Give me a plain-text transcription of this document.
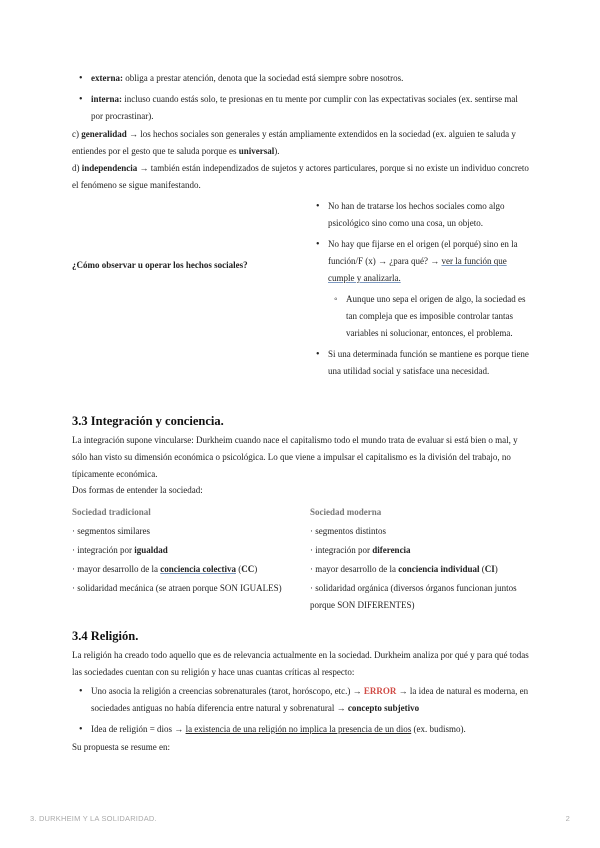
• externa: obliga a prestar atención, denota que la sociedad está siempre sobre nosotros.
• interna: incluso cuando estás solo, te presionas en tu mente por cumplir con las expectativas sociales (ex. sentirse mal por procrastinar).

c) generalidad → los hechos sociales son generales y están ampliamente extendidos en la sociedad (ex. alguien te saluda y entiendes por el gesto que te saluda porque es universal).

d) independencia → también están independizados de sujetos y actores particulares, porque si no existe un individuo concreto el fenómeno se sigue manifestando.

¿Cómo observar u operar los hechos sociales?

• No han de tratarse los hechos sociales como algo psicológico sino como una cosa, un objeto.
• No hay que fijarse en el origen (el porqué) sino en la función/F (x) → ¿para qué? → ver la función que cumple y analizarla.
◦ Aunque uno sepa el origen de algo, la sociedad es tan compleja que es imposible controlar tantas variables ni solucionar, entonces, el problema.
• Si una determinada función se mantiene es porque tiene una utilidad social y satisface una necesidad.
3.3 Integración y conciencia.

La integración supone vincularse: Durkheim cuando nace el capitalismo todo el mundo trata de evaluar si está bien o mal, y sólo han visto su dimensión económica o psicológica. Lo que viene a impulsar el capitalismo es la división del trabajo, no típicamente económica.

Dos formas de entender la sociedad:

Sociedad tradicional

· segmentos similares

· integración por igualdad

· mayor desarrollo de la conciencia colectiva (CC)

· solidaridad mecánica (se atraen porque SON IGUALES)

Sociedad moderna

· segmentos distintos

· integración por diferencia

· mayor desarrollo de la conciencia individual (CI)

· solidaridad orgánica (diversos órganos funcionan juntos porque SON DIFERENTES)

3.4 Religión.

La religión ha creado todo aquello que es de relevancia actualmente en la sociedad. Durkheim analiza por qué y para qué todas las sociedades cuentan con su religión y hace unas cuantas críticas al respecto:

• Uno asocia la religión a creencias sobrenaturales (tarot, horóscopo, etc.) → ERROR → la idea de natural es moderna, en sociedades antiguas no había diferencia entre natural y sobrenatural → concepto subjetivo
• Idea de religión = dios → la existencia de una religión no implica la presencia de un dios (ex. budismo).

Su propuesta se resume en:

3. DURKHEIM Y LA SOLIDARIDAD.	2
